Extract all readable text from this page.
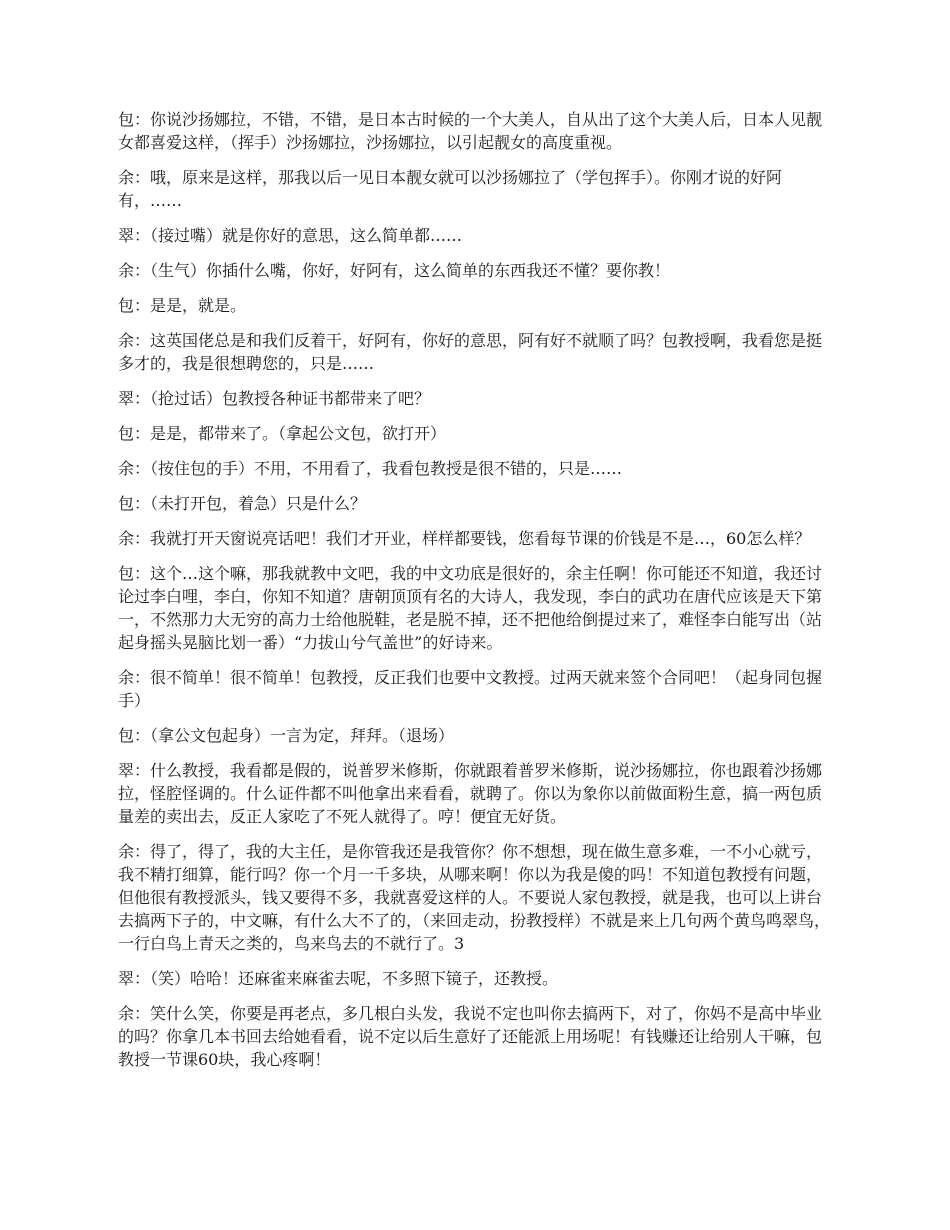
包：你说沙扬娜拉，不错，不错，是日本古时候的一个大美人，自从出了这个大美人后，日本人见靓女都喜爱这样，（挥手）沙扬娜拉，沙扬娜拉，以引起靓女的高度重视。

余：哦，原来是这样，那我以后一见日本靓女就可以沙扬娜拉了（学包挥手）。你刚才说的好阿有，……

翠：（接过嘴）就是你好的意思，这么简单都……

余：（生气）你插什么嘴，你好，好阿有，这么简单的东西我还不懂？要你教！

包：是是，就是。

余：这英国佬总是和我们反着干，好阿有，你好的意思，阿有好不就顺了吗？包教授啊，我看您是挺多才的，我是很想聘您的，只是……

翠：（抢过话）包教授各种证书都带来了吧？

包：是是，都带来了。（拿起公文包，欲打开）

余：（按住包的手）不用，不用看了，我看包教授是很不错的，只是……

包：（未打开包，着急）只是什么？

余：我就打开天窗说亮话吧！我们才开业，样样都要钱，您看每节课的价钱是不是…，60怎么样？

包：这个…这个嘛，那我就教中文吧，我的中文功底是很好的，余主任啊！你可能还不知道，我还讨论过李白哩，李白，你知不知道？唐朝顶顶有名的大诗人，我发现，李白的武功在唐代应该是天下第一，不然那力大无穷的高力士给他脱鞋，老是脱不掉，还不把他给倒提过来了，难怪李白能写出（站起身摇头晃脑比划一番）“力拔山兮气盖世”的好诗来。

余：很不简单！很不简单！包教授，反正我们也要中文教授。过两天就来签个合同吧！（起身同包握手）

包：（拿公文包起身）一言为定，拜拜。（退场）

翠：什么教授，我看都是假的，说普罗米修斯，你就跟着普罗米修斯，说沙扬娜拉，你也跟着沙扬娜拉，怪腔怪调的。什么证件都不叫他拿出来看看，就聘了。你以为象你以前做面粉生意，搞一两包质量差的卖出去，反正人家吃了不死人就得了。哼！便宜无好货。

余：得了，得了，我的大主任，是你管我还是我管你？你不想想，现在做生意多难，一不小心就亏，我不精打细算，能行吗？你一个月一千多块，从哪来啊！你以为我是傻的吗！不知道包教授有问题，但他很有教授派头，钱又要得不多，我就喜爱这样的人。不要说人家包教授，就是我，也可以上讲台去搞两下子的，中文嘛，有什么大不了的，（来回走动，扮教授样）不就是来上几句两个黄鸟鸣翠鸟，一行白鸟上青天之类的，鸟来鸟去的不就行了。3

翠：（笑）哈哈！还麻雀来麻雀去呢，不多照下镜子，还教授。

余：笑什么笑，你要是再老点，多几根白头发，我说不定也叫你去搞两下，对了，你妈不是高中毕业的吗？你拿几本书回去给她看看，说不定以后生意好了还能派上用场呢！有钱赚还让给别人干嘛，包教授一节课60块，我心疼啊！
